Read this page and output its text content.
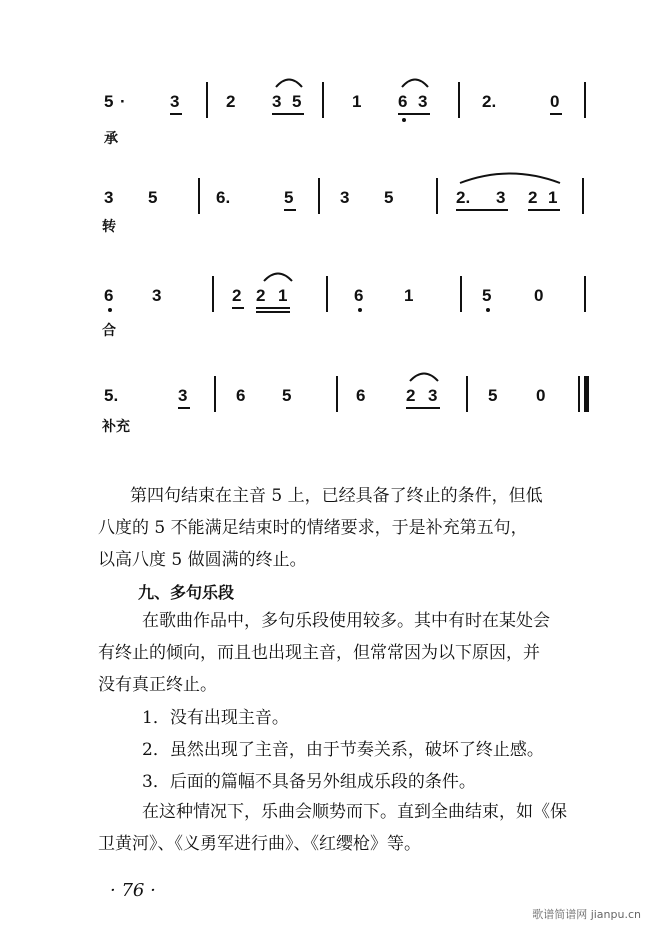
5 ·	3	2 3 5	1 6 3	2.	0
承
3 5	6.	5	3 5	2. 3 2 1
转
6 3	2 2 1	6 1	5	0
合
5.	3	6 5	6 2 3	5 0
补充
第四句结束在主音 5 上，已经具备了终止的条件，但低
八度的 5 不能满足结束时的情绪要求，于是补充第五句，
以高八度 5 做圆满的终止。
九、多句乐段
在歌曲作品中，多句乐段使用较多。其中有时在某处会
有终止的倾向，而且也出现主音，但常常因为以下原因，并
没有真正终止。
1．没有出现主音。
2．虽然出现了主音，由于节奏关系，破坏了终止感。
3．后面的篇幅不具备另外组成乐段的条件。
在这种情况下，乐曲会顺势而下。直到全曲结束，如《保
卫黄河》、《义勇军进行曲》、《红缨枪》等。
· 76 ·
歌谱简谱网 jianpu.cn
